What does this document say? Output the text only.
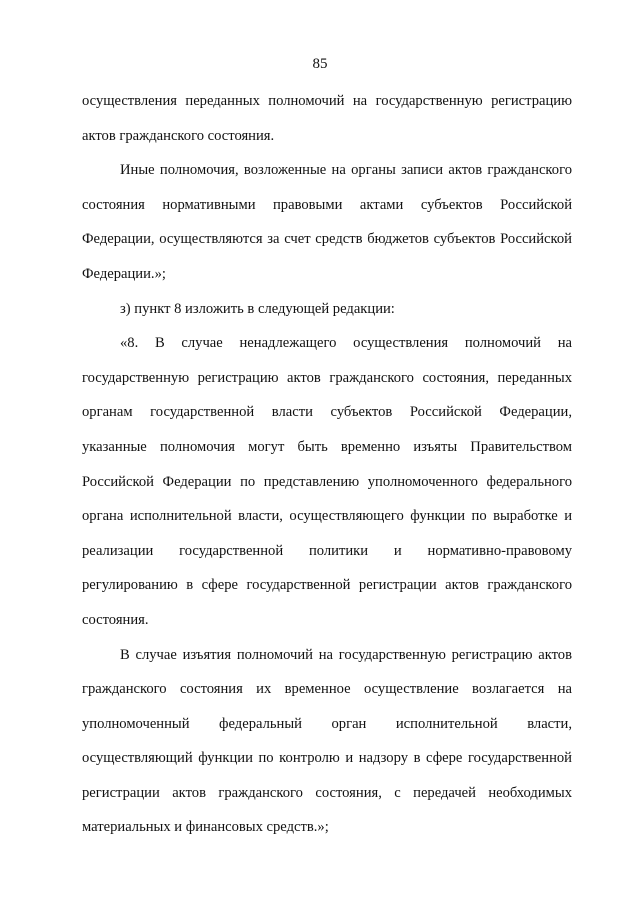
85
осуществления переданных полномочий на государственную регистрацию
актов гражданского состояния.
Иные полномочия, возложенные на органы записи актов гражданского
состояния нормативными правовыми актами субъектов Российской
Федерации, осуществляются за счет средств бюджетов субъектов Российской
Федерации.»;
з) пункт 8 изложить в следующей редакции:
«8. В случае ненадлежащего осуществления полномочий на
государственную регистрацию актов гражданского состояния, переданных
органам государственной власти субъектов Российской Федерации,
указанные полномочия могут быть временно изъяты Правительством
Российской Федерации по представлению уполномоченного федерального
органа исполнительной власти, осуществляющего функции по выработке и
реализации государственной политики и нормативно-правовому
регулированию в сфере государственной регистрации актов гражданского
состояния.
В случае изъятия полномочий на государственную регистрацию актов
гражданского состояния их временное осуществление возлагается на
уполномоченный федеральный орган исполнительной власти,
осуществляющий функции по контролю и надзору в сфере государственной
регистрации актов гражданского состояния, с передачей необходимых
материальных и финансовых средств.»;
